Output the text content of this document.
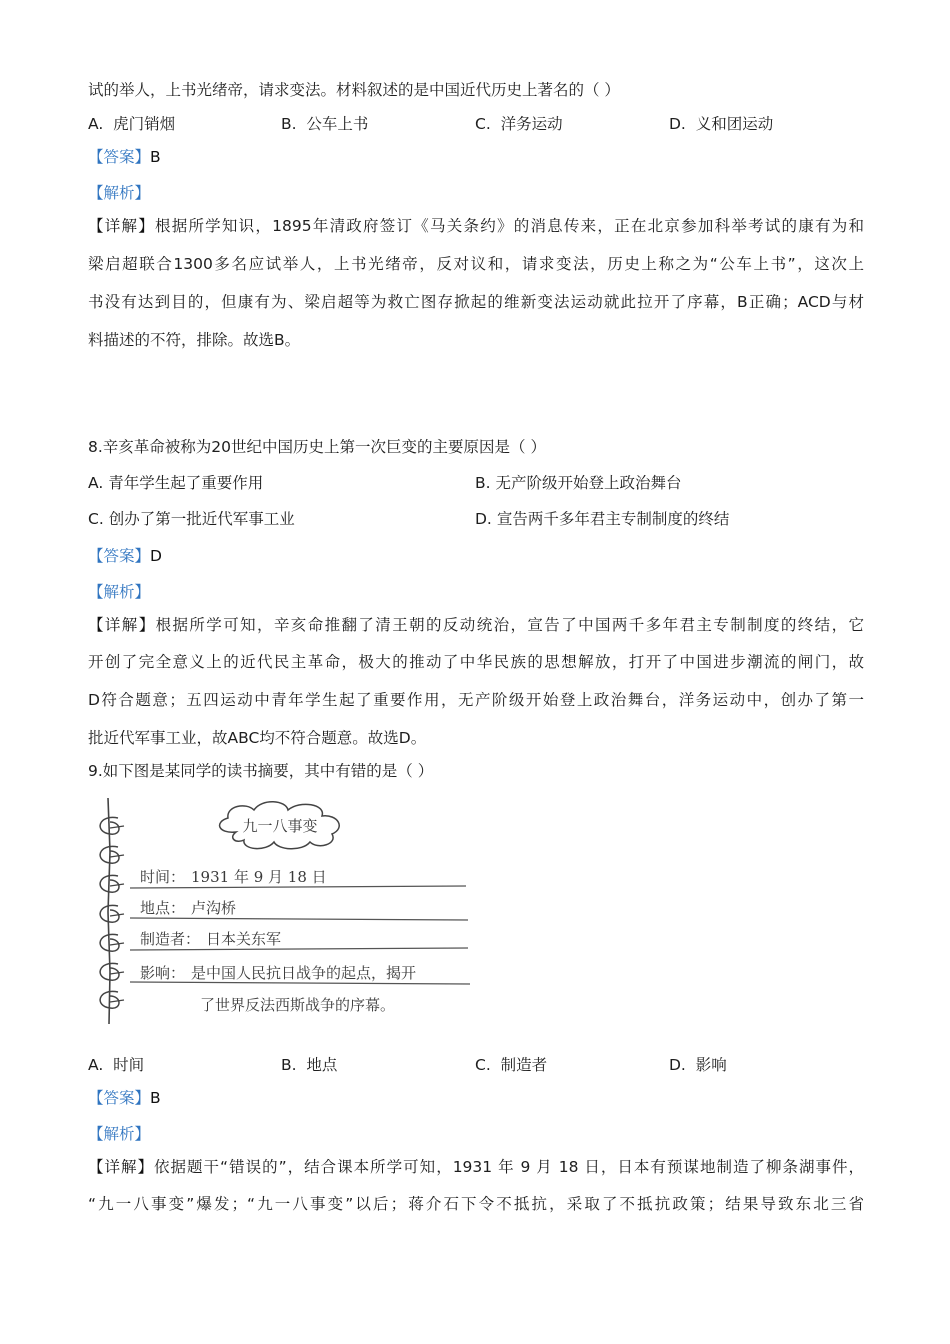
试的举人，上书光绪帝，请求变法。材料叙述的是中国近代历史上著名的（ ）
A. 虎门销烟	B. 公车上书	C. 洋务运动	D. 义和团运动
【答案】B
【解析】
【详解】根据所学知识，1895年清政府签订《马关条约》的消息传来，正在北京参加科举考试的康有为和
梁启超联合1300多名应试举人，上书光绪帝，反对议和，请求变法，历史上称之为“公车上书”，这次上
书没有达到目的，但康有为、梁启超等为救亡图存掀起的维新变法运动就此拉开了序幕，B正确；ACD与材
料描述的不符，排除。故选B。
8.辛亥革命被称为20世纪中国历史上第一次巨变的主要原因是（ ）
A. 青年学生起了重要作用	B. 无产阶级开始登上政治舞台
C. 创办了第一批近代军事工业	D. 宣告两千多年君主专制制度的终结
【答案】D
【解析】
【详解】根据所学可知，辛亥命推翻了清王朝的反动统治，宣告了中国两千多年君主专制制度的终结，它
开创了完全意义上的近代民主革命，极大的推动了中华民族的思想解放，打开了中国进步潮流的闸门，故
D符合题意；五四运动中青年学生起了重要作用，无产阶级开始登上政治舞台，洋务运动中，创办了第一
批近代军事工业，故ABC均不符合题意。故选D。
9.如下图是某同学的读书摘要，其中有错的是（ ）
九一八事变
时间： 1931 年 9 月 18 日
地点： 卢沟桥
制造者： 日本关东军
影响： 是中国人民抗日战争的起点，揭开
了世界反法西斯战争的序幕。
A. 时间	B. 地点	C. 制造者	D. 影响
【答案】B
【解析】
【详解】依据题干“错误的”，结合课本所学可知，1931 年 9 月 18 日，日本有预谋地制造了柳条湖事件，
“九一八事变”爆发；“九一八事变”以后；蒋介石下令不抵抗，采取了不抵抗政策；结果导致东北三省
